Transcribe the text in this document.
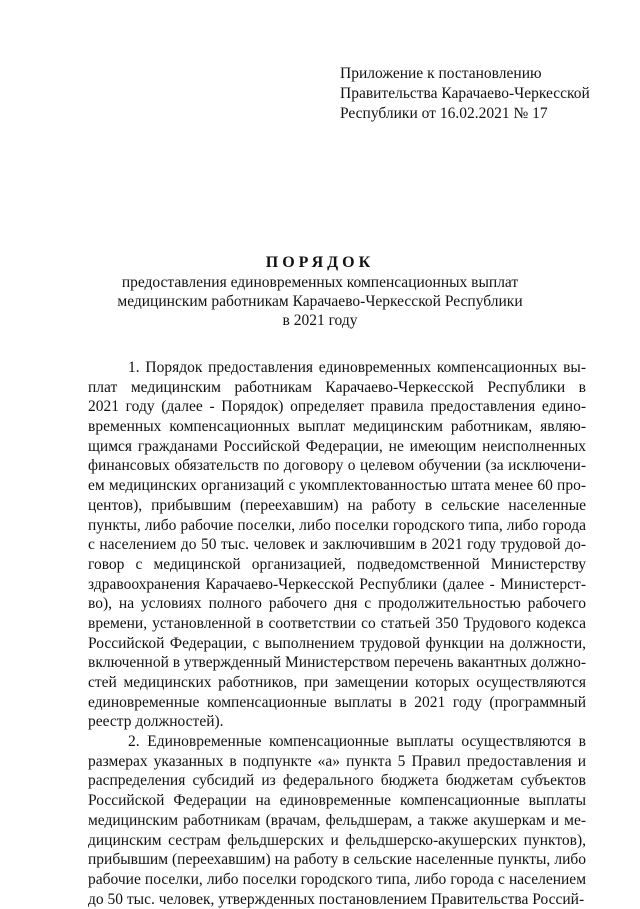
Приложение к постановлению
Правительства Карачаево-Черкесской
Республики от 16.02.2021 № 17
ПОРЯДОК
предоставления единовременных компенсационных выплат
медицинским работникам Карачаево-Черкесской Республики
в 2021 году
1. Порядок предоставления единовременных компенсационных вы-
плат медицинским работникам Карачаево-Черкесской Республики в
2021 году (далее - Порядок) определяет правила предоставления едино-
временных компенсационных выплат медицинским работникам, являю-
щимся гражданами Российской Федерации, не имеющим неисполненных
финансовых обязательств по договору о целевом обучении (за исключени-
ем медицинских организаций с укомплектованностью штата менее 60 про-
центов), прибывшим (переехавшим) на работу в сельские населенные
пункты, либо рабочие поселки, либо поселки городского типа, либо города
с населением до 50 тыс. человек и заключившим в 2021 году трудовой до-
говор с медицинской организацией, подведомственной Министерству
здравоохранения Карачаево-Черкесской Республики (далее - Министерст-
во), на условиях полного рабочего дня с продолжительностью рабочего
времени, установленной в соответствии со статьей 350 Трудового кодекса
Российской Федерации, с выполнением трудовой функции на должности,
включенной в утвержденный Министерством перечень вакантных должно-
стей медицинских работников, при замещении которых осуществляются
единовременные компенсационные выплаты в 2021 году (программный
реестр должностей).
2. Единовременные компенсационные выплаты осуществляются в
размерах указанных в подпункте «а» пункта 5 Правил предоставления и
распределения субсидий из федерального бюджета бюджетам субъектов
Российской Федерации на единовременные компенсационные выплаты
медицинским работникам (врачам, фельдшерам, а также акушеркам и ме-
дицинским сестрам фельдшерских и фельдшерско-акушерских пунктов),
прибывшим (переехавшим) на работу в сельские населенные пункты, либо
рабочие поселки, либо поселки городского типа, либо города с населением
до 50 тыс. человек, утвержденных постановлением Правительства Россий-
